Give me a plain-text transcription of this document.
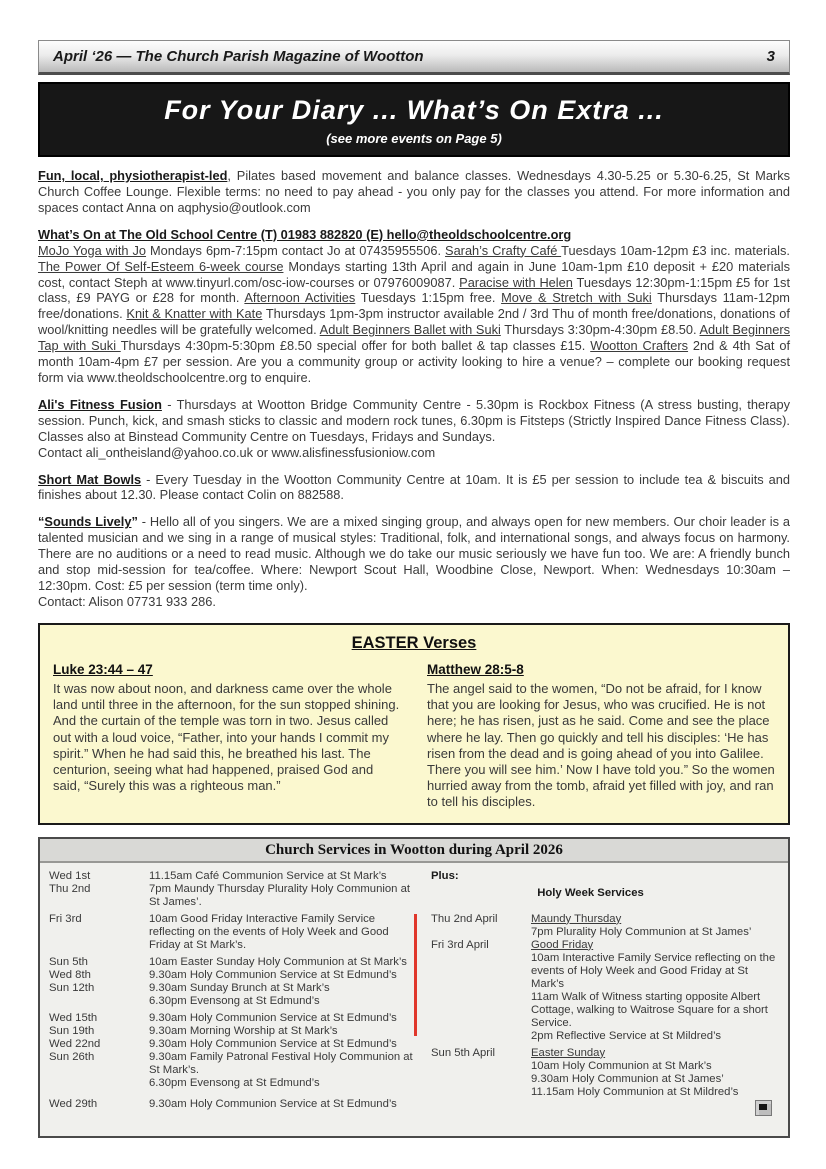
April ‘26 — The Church Parish Magazine of Wootton	3
For Your Diary ... What’s On Extra ...
(see more events on Page 5)

Fun, local, physiotherapist-led, Pilates based movement and balance classes. Wednesdays 4.30-5.25 or 5.30-6.25, St Marks Church Coffee Lounge. Flexible terms: no need to pay ahead - you only pay for the classes you attend. For more information and spaces contact Anna on aqphysio@outlook.com

What’s On at The Old School Centre (T) 01983 882820 (E) hello@theoldschoolcentre.org

MoJo Yoga with Jo Mondays 6pm-7:15pm contact Jo at 07435955506. Sarah’s Crafty Café Tuesdays 10am-12pm £3 inc. materials. The Power Of Self-Esteem 6-week course Mondays starting 13th April and again in June 10am-1pm £10 deposit + £20 materials cost, contact Steph at www.tinyurl.com/osc-iow-courses or 07976009087. Paracise with Helen Tuesdays 12:30pm-1:15pm £5 for 1st class, £9 PAYG or £28 for month. Afternoon Activities Tuesdays 1:15pm free. Move & Stretch with Suki Thursdays 11am-12pm free/donations. Knit & Knatter with Kate Thursdays 1pm-3pm instructor available 2nd / 3rd Thu of month free/donations, donations of wool/knitting needles will be gratefully welcomed. Adult Beginners Ballet with Suki Thursdays 3:30pm-4:30pm £8.50. Adult Beginners Tap with Suki Thursdays 4:30pm-5:30pm £8.50 special offer for both ballet & tap classes £15. Wootton Crafters 2nd & 4th Sat of month 10am-4pm £7 per session. Are you a community group or activity looking to hire a venue? – complete our booking request form via www.theoldschoolcentre.org to enquire.

Ali's Fitness Fusion - Thursdays at Wootton Bridge Community Centre - 5.30pm is Rockbox Fitness (A stress busting, therapy session. Punch, kick, and smash sticks to classic and modern rock tunes, 6.30pm is Fitsteps (Strictly Inspired Dance Fitness Class). Classes also at Binstead Community Centre on Tuesdays, Fridays and Sundays.
Contact ali_ontheisland@yahoo.co.uk or www.alisfinessfusioniow.com

Short Mat Bowls - Every Tuesday in the Wootton Community Centre at 10am. It is £5 per session to include tea & biscuits and finishes about 12.30. Please contact Colin on 882588.

“Sounds Lively” - Hello all of you singers. We are a mixed singing group, and always open for new members. Our choir leader is a talented musician and we sing in a range of musical styles: Traditional, folk, and international songs, and always focus on harmony. There are no auditions or a need to read music. Although we do take our music seriously we have fun too. We are: A friendly bunch and stop mid-session for tea/coffee. Where: Newport Scout Hall, Woodbine Close, Newport. When: Wednesdays 10:30am – 12:30pm. Cost: £5 per session (term time only).
Contact: Alison 07731 933 286.

EASTER Verses
Luke 23:44 – 47
It was now about noon, and darkness came over the whole land until three in the afternoon, for the sun stopped shining. And the curtain of the temple was torn in two. Jesus called out with a loud voice, “Father, into your hands I commit my spirit.” When he had said this, he breathed his last. The centurion, seeing what had happened, praised God and said, “Surely this was a righteous man.”
Matthew 28:5-8
The angel said to the women, “Do not be afraid, for I know that you are looking for Jesus, who was crucified. He is not here; he has risen, just as he said. Come and see the place where he lay. Then go quickly and tell his disciples: ‘He has risen from the dead and is going ahead of you into Galilee. There you will see him.’ Now I have told you.” So the women hurried away from the tomb, afraid yet filled with joy, and ran to tell his disciples.
Church Services in Wootton during April 2026
Wed 1st	11.15am Café Communion Service at St Mark’s
Thu 2nd	7pm Maundy Thursday Plurality Holy Communion at St James’.
Fri 3rd	10am Good Friday Interactive Family Service reflecting on the events of Holy Week and Good Friday at St Mark’s.
Sun 5th	10am Easter Sunday Holy Communion at St Mark’s
Wed 8th	9.30am Holy Communion Service at St Edmund’s
Sun 12th	9.30am Sunday Brunch at St Mark’s
6.30pm Evensong at St Edmund’s
Wed 15th	9.30am Holy Communion Service at St Edmund’s
Sun 19th	9.30am Morning Worship at St Mark’s
Wed 22nd	9.30am Holy Communion Service at St Edmund’s
Sun 26th	9.30am Family Patronal Festival Holy Communion at St Mark’s.
6.30pm Evensong at St Edmund’s
Wed 29th	9.30am Holy Communion Service at St Edmund’s
Plus:
Holy Week Services
Thu 2nd April	Maundy Thursday
7pm Plurality Holy Communion at St James’
Fri 3rd April	Good Friday
10am Interactive Family Service reflecting on the events of Holy Week and Good Friday at St Mark’s
11am Walk of Witness starting opposite Albert Cottage, walking to Waitrose Square for a short Service.
2pm Reflective Service at St Mildred’s
Sun 5th April	Easter Sunday
10am Holy Communion at St Mark’s
9.30am Holy Communion at St James’
11.15am Holy Communion at St Mildred’s
